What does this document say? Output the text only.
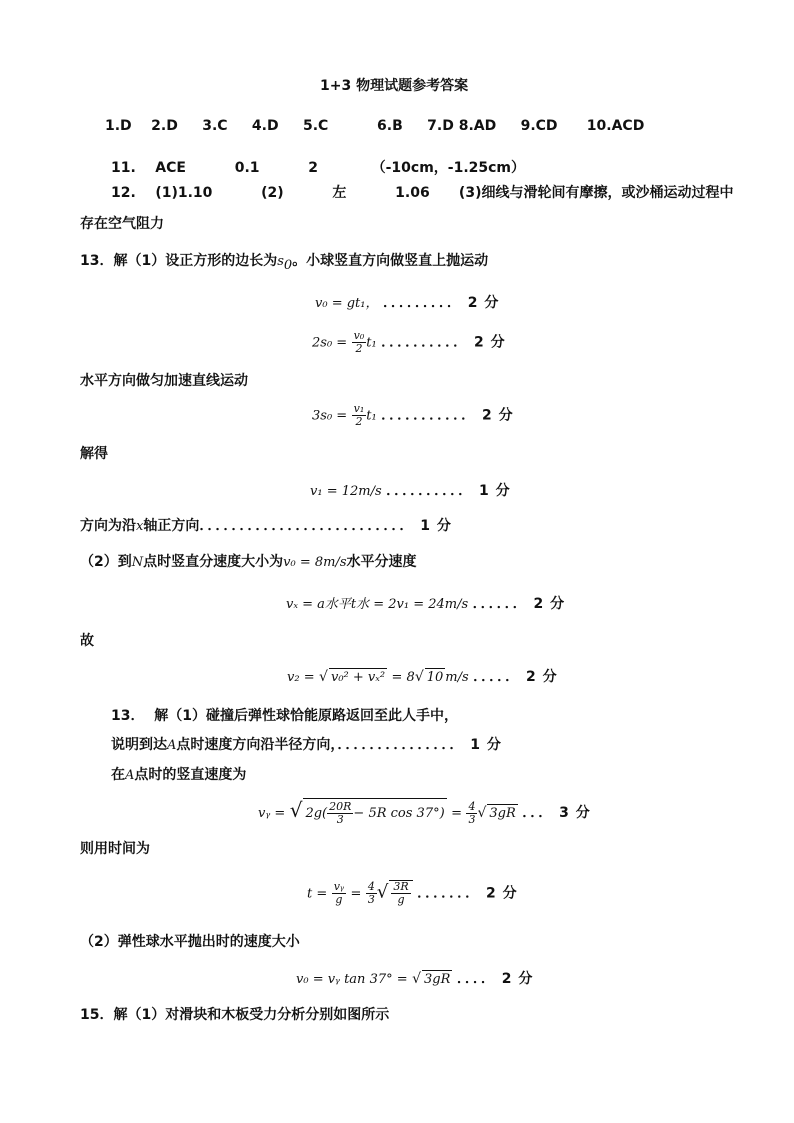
1+3 物理试题参考答案
1.D    2.D     3.C     4.D     5.C          6.B     7.D 8.AD     9.CD      10.ACD
11.    ACE          0.1          2           （-10cm，-1.25cm）
12. (1)1.10          (2)          左          1.06      (3)细线与滑轮间有摩擦，或沙桶运动过程中
存在空气阻力
13．解（1）设正方形的边长为$s_0$。小球竖直方向做竖直上抛运动
v₀ = gt₁， ．．．．．．．．． 2 分
$2s_0 = \frac{\text{v₀}}{2} t_1$ ．．．．．．．．．． 2 分
水平方向做匀加速直线运动
$3s_0 = \frac{\text{v₁}}{2} t_1$ ．．．．．．．．．．． 2 分
解得
v₁ = 12m/s ．．．．．．．．．． 1 分
方向为沿x轴正方向．．．．．．．．．．．．．．．．．．．．．．．．．． 1 分
（2）到N点时竖直分速度大小为v₀ = 8m/s水平分速度
vₓ = a水平t水 = 2v₁ = 24m/s ．．．．．． 2 分
故
v₂ = √ v₀² + vₓ² = 8√ 10 m/s ．．．．． 2 分
13． 解（1）碰撞后弹性球恰能原路返回至此人手中，
说明到达A点时速度方向沿半径方向，．．．．．．．．．．．．．．． 1 分
在A点时的竖直速度为
vᵧ = √ $2g( \frac{20R}{3} - 5R$ $\cos 37^\circ) = \frac{4}{3}$ √ 3gR ．．． 3 分
则用时间为
$t = \frac{\text{vᵧ}}{g} = \frac{4}{3}$ √ $\frac{3R}{g}$ ．．．．．．． 2 分
（2）弹性球水平抛出时的速度大小
v₀ = vᵧ tan 37° = √ 3gR ．．．． 2 分
15．解（1）对滑块和木板受力分析分别如图所示
